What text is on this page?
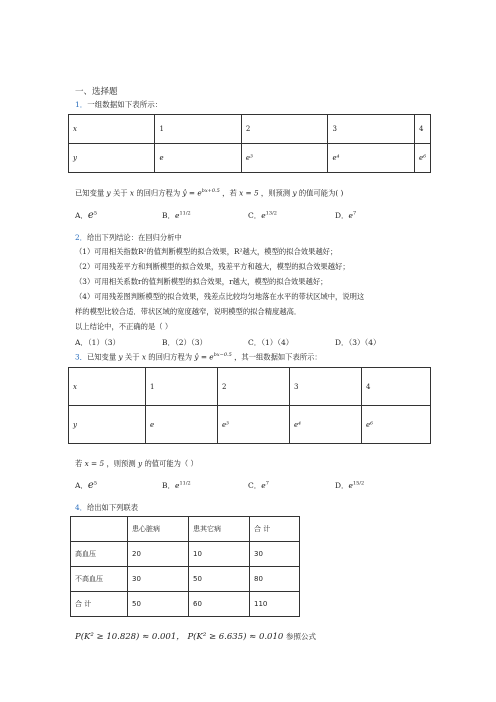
一、选择题
1．一组数据如下表所示：
x	1	2	3	4
y	e	e³	e⁴	e⁶
已知变量 y 关于 x 的回归方程为 ŷ = $e^{bx+0.5}$ ，若 x = 5 ，则预测 y 的值可能为( )
A．$e^5$	B．$e^{11/2}$	C．$e^{13/2}$	D．$e^7$
2．给出下列结论：在回归分析中
（1）可用相关指数R²的值判断模型的拟合效果，R²越大，模型的拟合效果越好；
（2）可用残差平方和判断模型的拟合效果，残差平方和越大，模型的拟合效果越好；
（3）可用相关系数r的值判断模型的拟合效果，r越大，模型的拟合效果越好；
（4）可用残差图判断模型的拟合效果，残差点比较均匀地落在水平的带状区域中，说明这
样的模型比较合适．带状区域的宽度越窄，说明模型的拟合精度越高．
以上结论中，不正确的是（ ）
A．（1）（3）	B．（2）（3）	C．（1）（4）	D．（3）（4）
3．已知变量 y 关于 x 的回归方程为 ŷ = $e^{bx-0.5}$ ，其一组数据如下表所示：
x	1	2	3	4
y	e	e³	e⁴	e⁶
若 x = 5 ，则预测 y 的值可能为（ ）
A．$e^5$	B．$e^{11/2}$	C．$e^7$	D．$e^{15/2}$
4．给出如下列联表
	患心脏病	患其它病	合 计
高血压	20	10	30
不高血压	30	50	80
合 计	50	60	110
P(K² ≥ 10.828) ≈ 0.001， P(K² ≥ 6.635) ≈ 0.010 参照公式
